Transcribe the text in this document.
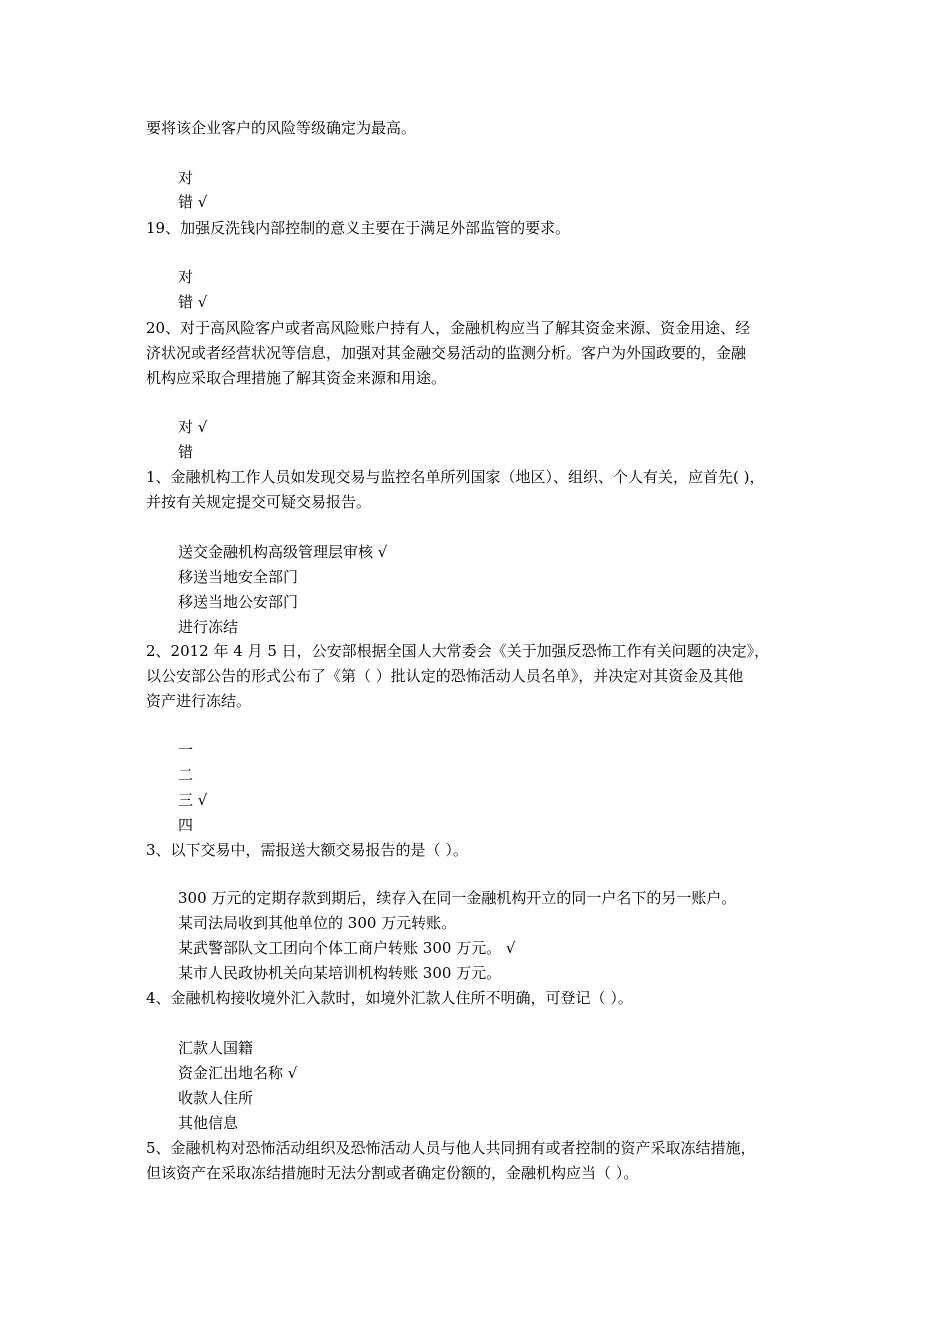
要将该企业客户的风险等级确定为最高。
对
错 √
19、加强反洗钱内部控制的意义主要在于满足外部监管的要求。
对
错 √
20、对于高风险客户或者高风险账户持有人，金融机构应当了解其资金来源、资金用途、经
济状况或者经营状况等信息，加强对其金融交易活动的监测分析。客户为外国政要的，金融
机构应采取合理措施了解其资金来源和用途。
对 √
错
1、金融机构工作人员如发现交易与监控名单所列国家（地区）、组织、个人有关，应首先( )，
并按有关规定提交可疑交易报告。
送交金融机构高级管理层审核 √
移送当地安全部门
移送当地公安部门
进行冻结
2、2012 年 4 月 5 日，公安部根据全国人大常委会《关于加强反恐怖工作有关问题的决定》，
以公安部公告的形式公布了《第（ ）批认定的恐怖活动人员名单》，并决定对其资金及其他
资产进行冻结。
一
二
三 √
四
3、以下交易中，需报送大额交易报告的是（ ）。
300 万元的定期存款到期后，续存入在同一金融机构开立的同一户名下的另一账户。
某司法局收到其他单位的 300 万元转账。
某武警部队文工团向个体工商户转账 300 万元。 √
某市人民政协机关向某培训机构转账 300 万元。
4、金融机构接收境外汇入款时，如境外汇款人住所不明确，可登记（ ）。
汇款人国籍
资金汇出地名称 √
收款人住所
其他信息
5、金融机构对恐怖活动组织及恐怖活动人员与他人共同拥有或者控制的资产采取冻结措施，
但该资产在采取冻结措施时无法分割或者确定份额的，金融机构应当（ ）。
